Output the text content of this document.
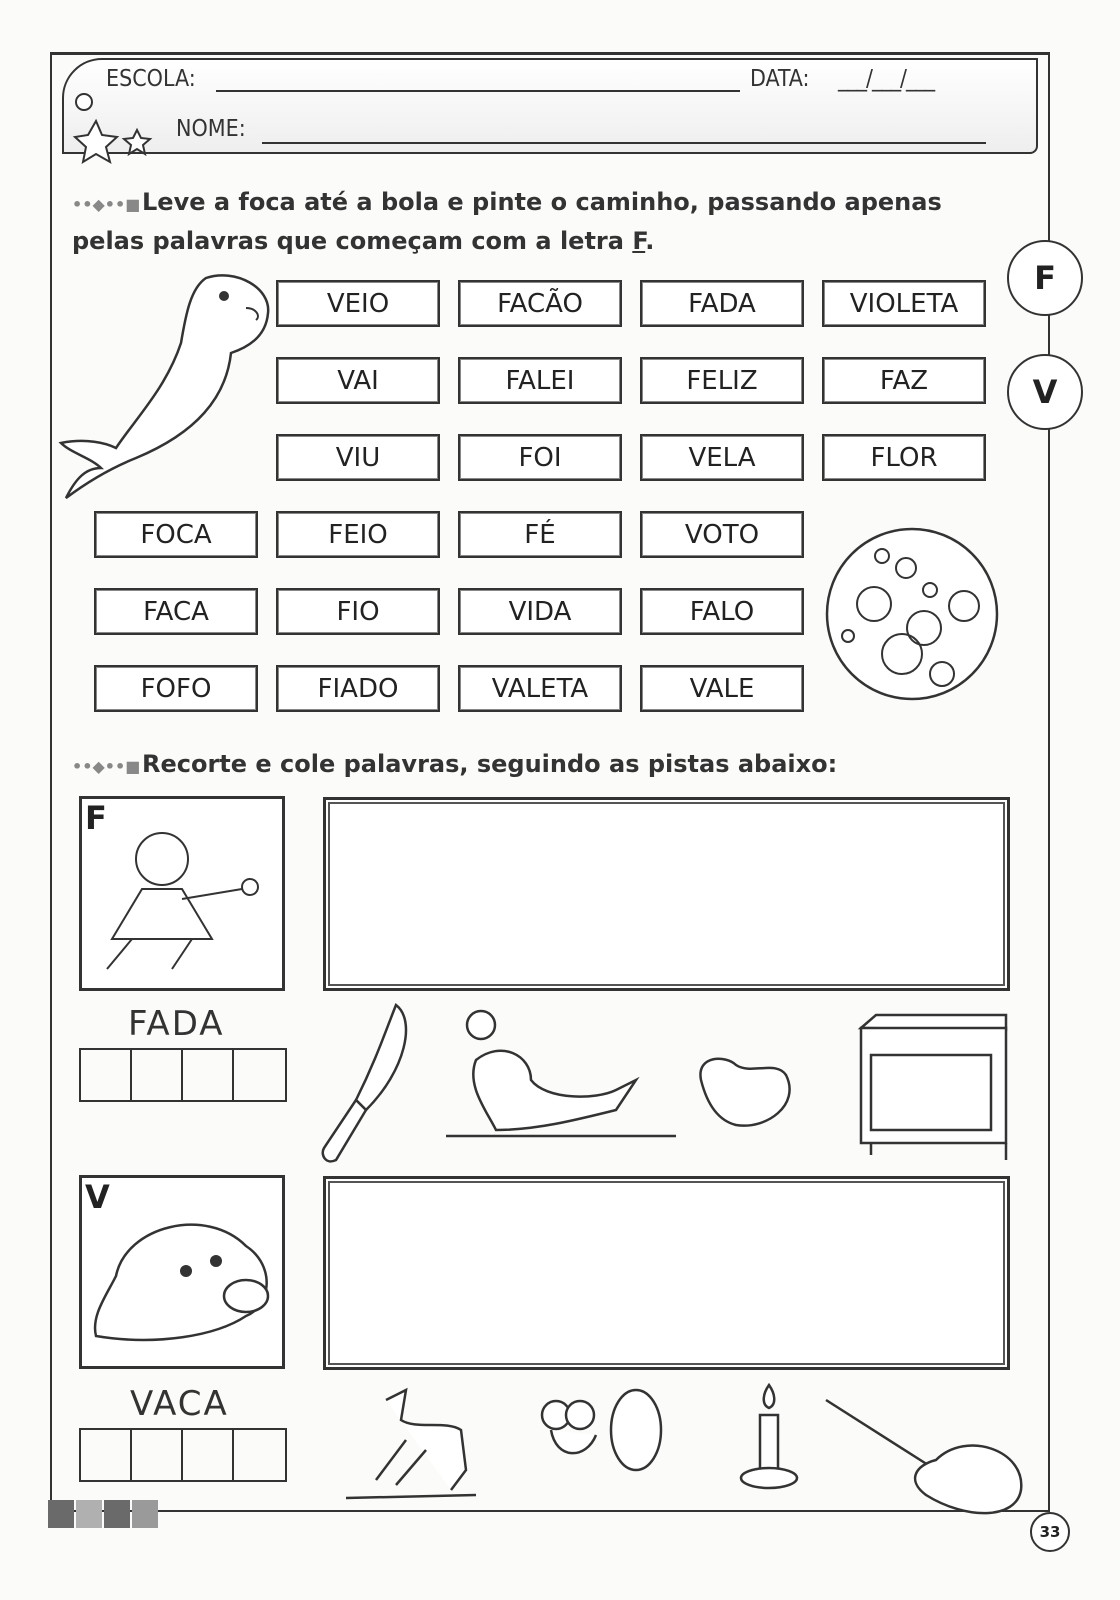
ESCOLA:	DATA: ___/___/___
NOME:
••◆••■Leve a foca até a bola e pinte o caminho, passando apenas
pelas palavras que começam com a letra F.
F
V
VEIO	FACÃO	FADA	VIOLETA
VAI	FALEI	FELIZ	FAZ
VIU	FOI	VELA	FLOR
FOCA	FEIO	FÉ	VOTO
FACA	FIO	VIDA	FALO
FOFO	FIADO	VALETA	VALE
••◆••■Recorte e cole palavras, seguindo as pistas abaixo:
F
FADA
V
VACA
33
